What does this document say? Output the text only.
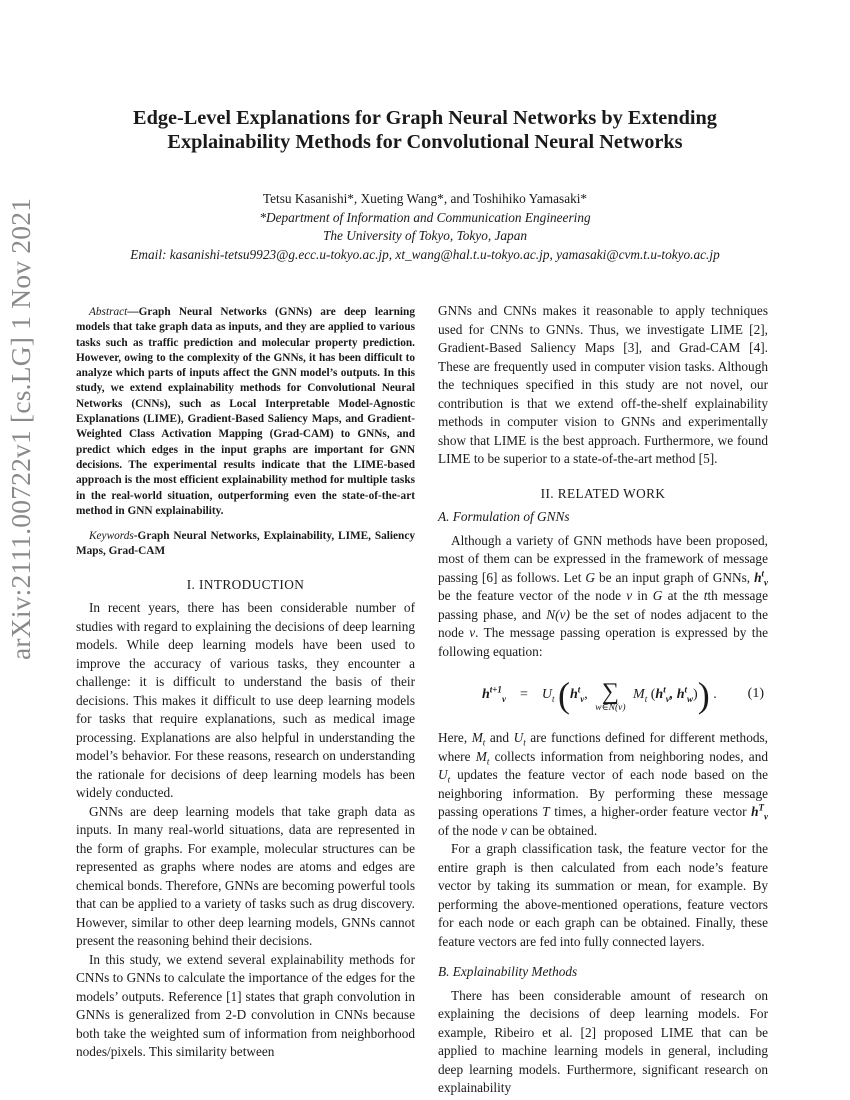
arXiv:2111.00722v1 [cs.LG] 1 Nov 2021
Edge-Level Explanations for Graph Neural Networks by Extending
Explainability Methods for Convolutional Neural Networks
Tetsu Kasanishi*, Xueting Wang*, and Toshihiko Yamasaki*
*Department of Information and Communication Engineering
The University of Tokyo, Tokyo, Japan
Email: kasanishi-tetsu9923@g.ecc.u-tokyo.ac.jp, xt_wang@hal.t.u-tokyo.ac.jp, yamasaki@cvm.t.u-tokyo.ac.jp

Abstract—Graph Neural Networks (GNNs) are deep learning models that take graph data as inputs, and they are applied to various tasks such as traffic prediction and molecular property prediction. However, owing to the complexity of the GNNs, it has been difficult to analyze which parts of inputs affect the GNN model’s outputs. In this study, we extend explainability methods for Convolutional Neural Networks (CNNs), such as Local Interpretable Model-Agnostic Explanations (LIME), Gradient-Based Saliency Maps, and Gradient-Weighted Class Activation Mapping (Grad-CAM) to GNNs, and predict which edges in the input graphs are important for GNN decisions. The experimental results indicate that the LIME-based approach is the most efficient explainability method for multiple tasks in the real-world situation, outperforming even the state-of-the-art method in GNN explainability.

Keywords-Graph Neural Networks, Explainability, LIME, Saliency Maps, Grad-CAM

I. INTRODUCTION

In recent years, there has been considerable number of studies with regard to explaining the decisions of deep learning models. While deep learning models have been used to improve the accuracy of various tasks, they encounter a challenge: it is difficult to understand the basis of their decisions. This makes it difficult to use deep learning models for tasks that require explanations, such as medical image processing. Explanations are also helpful in understanding the model’s behavior. For these reasons, research on understanding the rationale for decisions of deep learning models has been widely conducted.

GNNs are deep learning models that take graph data as inputs. In many real-world situations, data are represented in the form of graphs. For example, molecular structures can be represented as graphs where nodes are atoms and edges are chemical bonds. Therefore, GNNs are becoming powerful tools that can be applied to a variety of tasks such as drug discovery. However, similar to other deep learning models, GNNs cannot present the reasoning behind their decisions.

In this study, we extend several explainability methods for CNNs to GNNs to calculate the importance of the edges for the models’ outputs. Reference [1] states that graph convolution in GNNs is generalized from 2-D convolution in CNNs because both take the weighted sum of information from neighborhood nodes/pixels. This similarity between

GNNs and CNNs makes it reasonable to apply techniques used for CNNs to GNNs. Thus, we investigate LIME [2], Gradient-Based Saliency Maps [3], and Grad-CAM [4]. These are frequently used in computer vision tasks. Although the techniques specified in this study are not novel, our contribution is that we extend off-the-shelf explainability methods in computer vision to GNNs and experimentally show that LIME is the best approach. Furthermore, we found LIME to be superior to a state-of-the-art method [5].

II. RELATED WORK
A. Formulation of GNNs

Although a variety of GNN methods have been proposed, most of them can be expressed in the framework of message passing [6] as follows. Let G be an input graph of GNNs, $h^t_v$ be the feature vector of the node v in G at the tth message passing phase, and N(v) be the set of nodes adjacent to the node v. The message passing operation is expressed by the following equation:

$h^{t+1}_v = U_t$ ($h^t_v$, ∑
w∈N(v)
$M_t$ ($h^t_v$, $h^t_w$)) . (1)

Here, $M_t$ and $U_t$ are functions defined for different methods, where $M_t$ collects information from neighboring nodes, and $U_t$ updates the feature vector of each node based on the neighboring information. By performing these message passing operations T times, a higher-order feature vector $h^T_v$ of the node v can be obtained.

For a graph classification task, the feature vector for the entire graph is then calculated from each node’s feature vector by taking its summation or mean, for example. By performing the above-mentioned operations, feature vectors for each node or each graph can be obtained. Finally, these feature vectors are fed into fully connected layers.

B. Explainability Methods

There has been considerable amount of research on explaining the decisions of deep learning models. For example, Ribeiro et al. [2] proposed LIME that can be applied to machine learning models in general, including deep learning models. Furthermore, significant research on explainability
